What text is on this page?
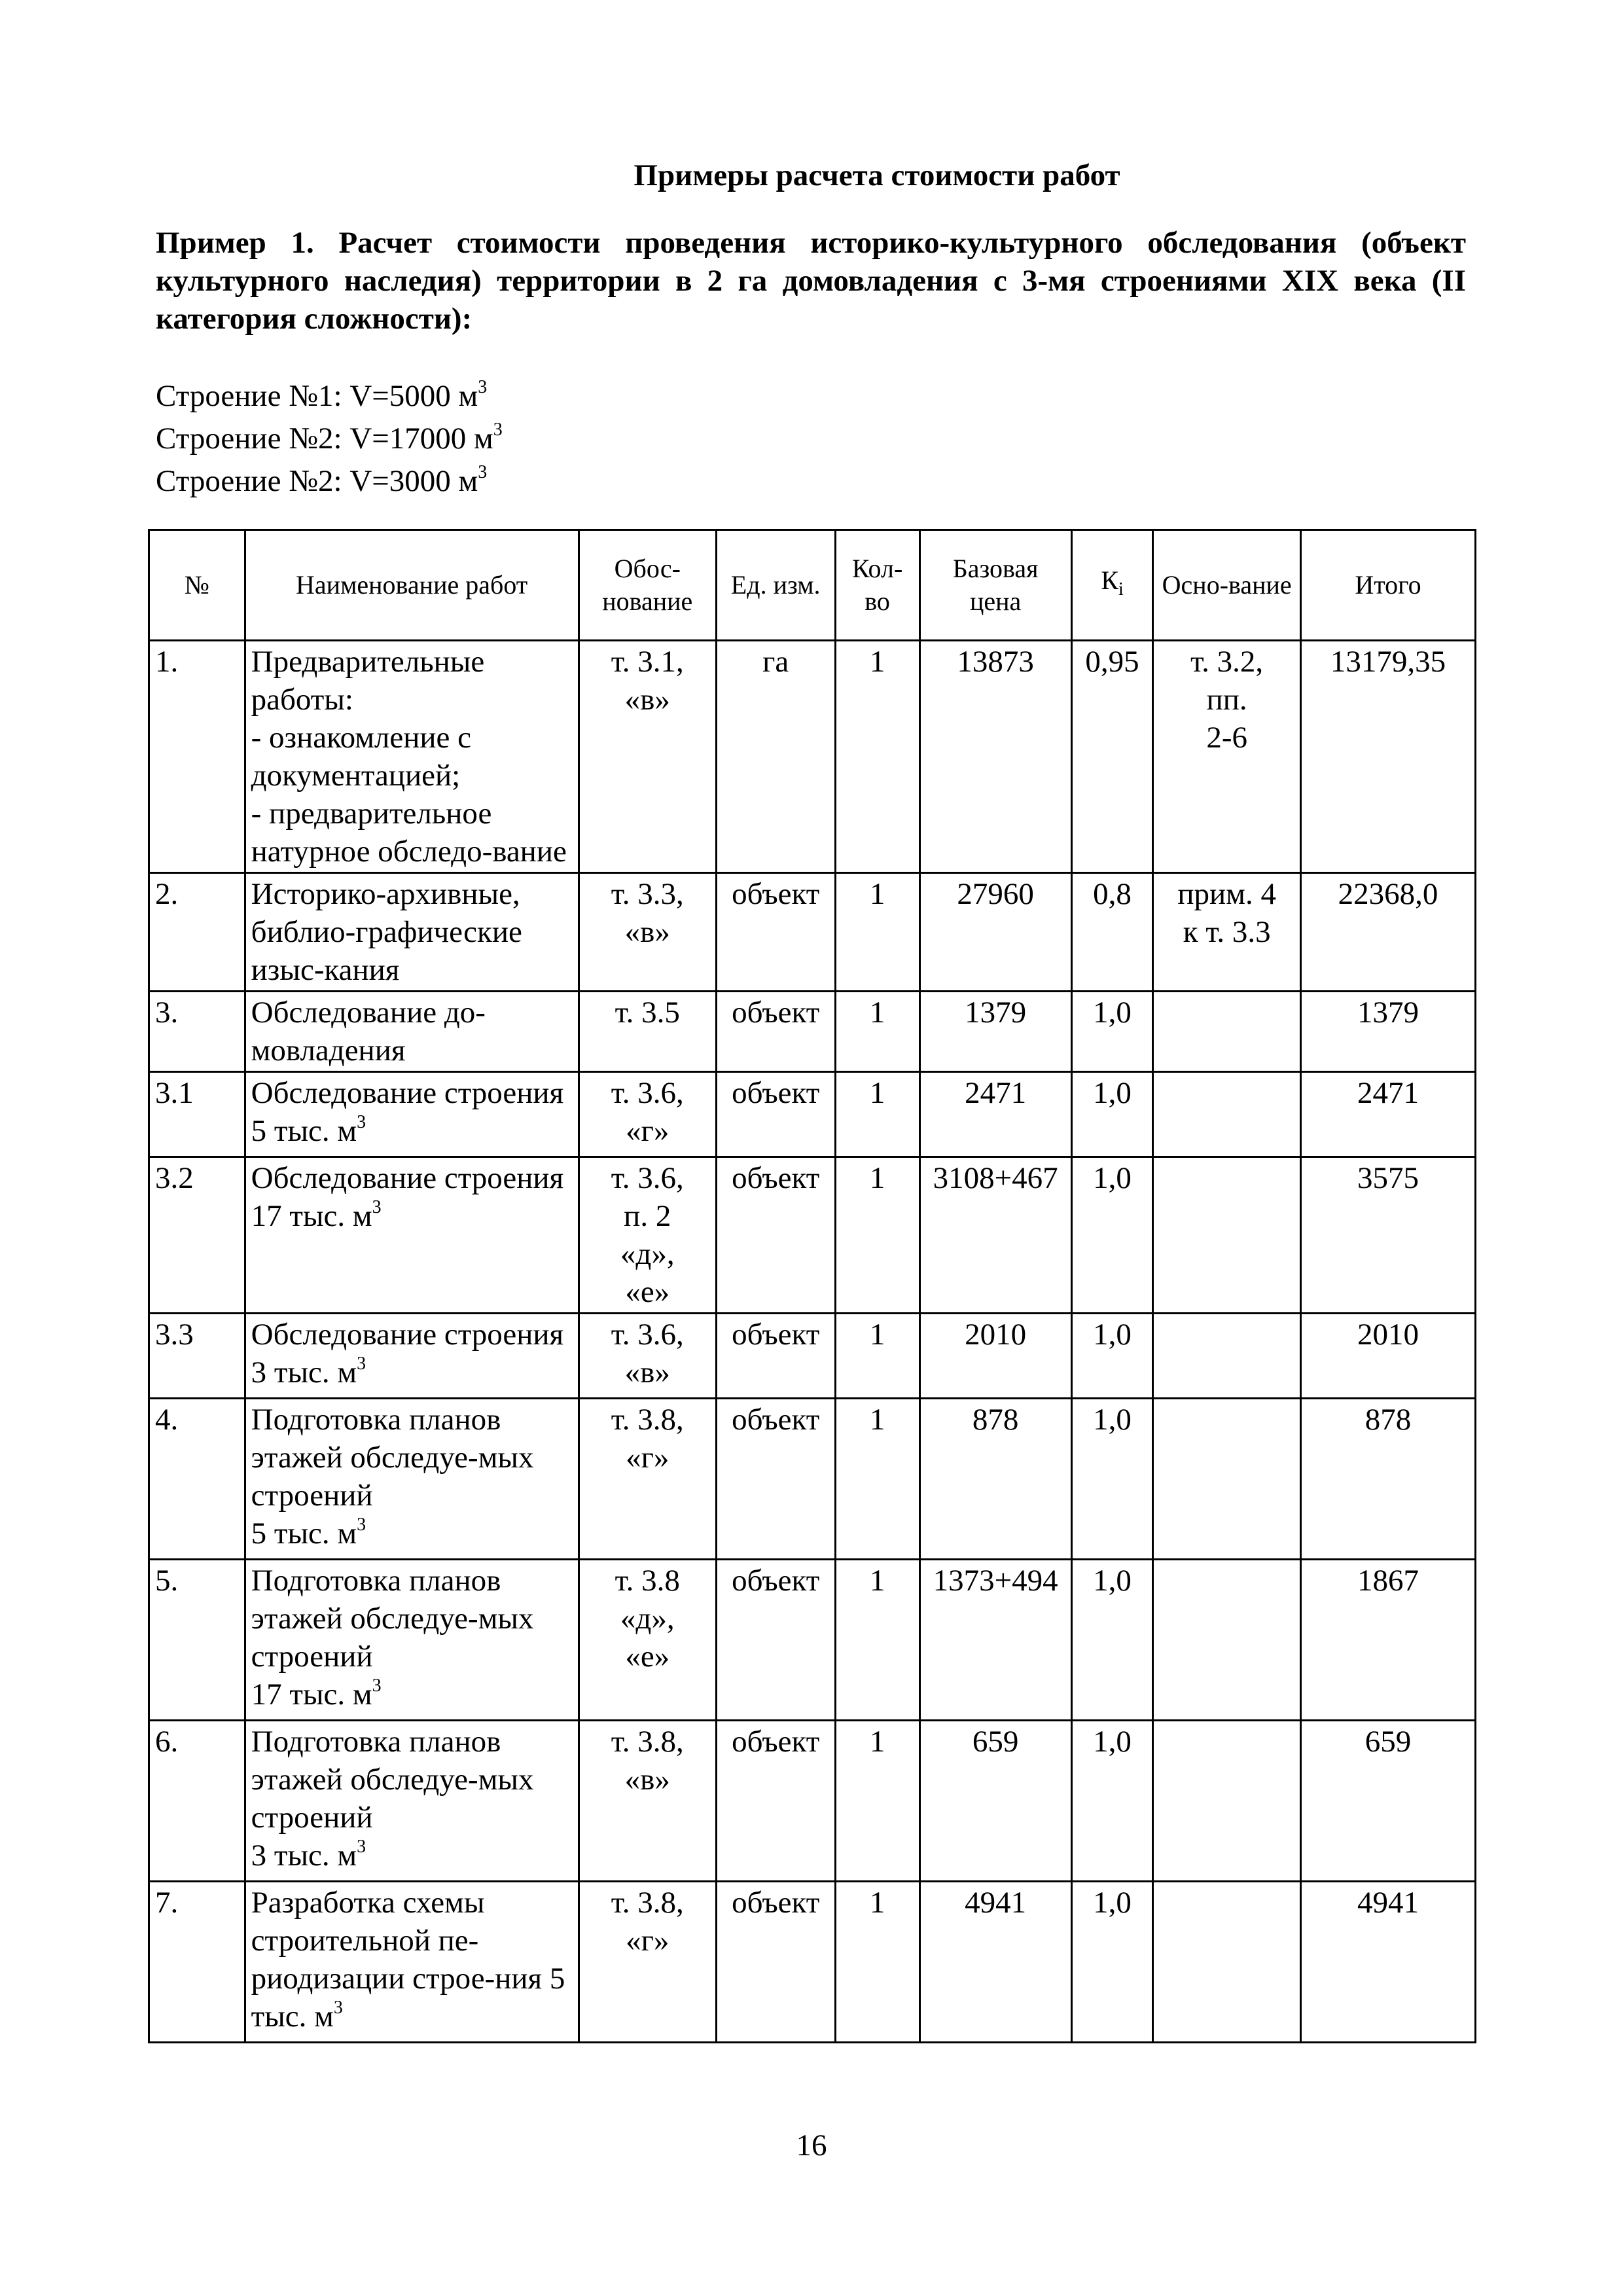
Примеры расчета стоимости работ
Пример 1. Расчет стоимости проведения историко-культурного обследования (объект культурного наследия) территории в 2 га домовладения с 3-мя строениями XIX века (II категория сложности):
Строение №1: V=5000 $м^3$
Строение №2: V=17000 $м^3$
Строение №2: V=3000 $м^3$
№	Наименование работ	Обос-нование	Ед. изм.	Кол-во	Базовая цена	$К_i$	Осно-вание	Итого
1.	Предварительные работы:
- ознакомление с документацией;
- предварительное натурное обследо-вание	т. 3.1,
«в»	га	1	13873	0,95	т. 3.2,
пп.
2-6	13179,35
2.	Историко-архивные, библио-графические изыс-кания	т. 3.3,
«в»	объект	1	27960	0,8	прим. 4
к т. 3.3	22368,0
3.	Обследование до-мовладения	т. 3.5	объект	1	1379	1,0		1379
3.1	Обследование строения 5 тыс. $м^3$	т. 3.6,
«г»	объект	1	2471	1,0		2471
3.2	Обследование строения 17 тыс. $м^3$	т. 3.6,
п. 2
«д»,
«е»	объект	1	3108+467	1,0		3575
3.3	Обследование строения 3 тыс. $м^3$	т. 3.6,
«в»	объект	1	2010	1,0		2010
4.	Подготовка планов этажей обследуе-мых строений
5 тыс. $м^3$	т. 3.8,
«г»	объект	1	878	1,0		878
5.	Подготовка планов этажей обследуе-мых строений
17 тыс. $м^3$	т. 3.8
«д»,
«е»	объект	1	1373+494	1,0		1867
6.	Подготовка планов этажей обследуе-мых строений
3 тыс. $м^3$	т. 3.8,
«в»	объект	1	659	1,0		659
7.	Разработка схемы строительной пе-риодизации строе-ния 5 тыс. $м^3$	т. 3.8,
«г»	объект	1	4941	1,0		4941
16
